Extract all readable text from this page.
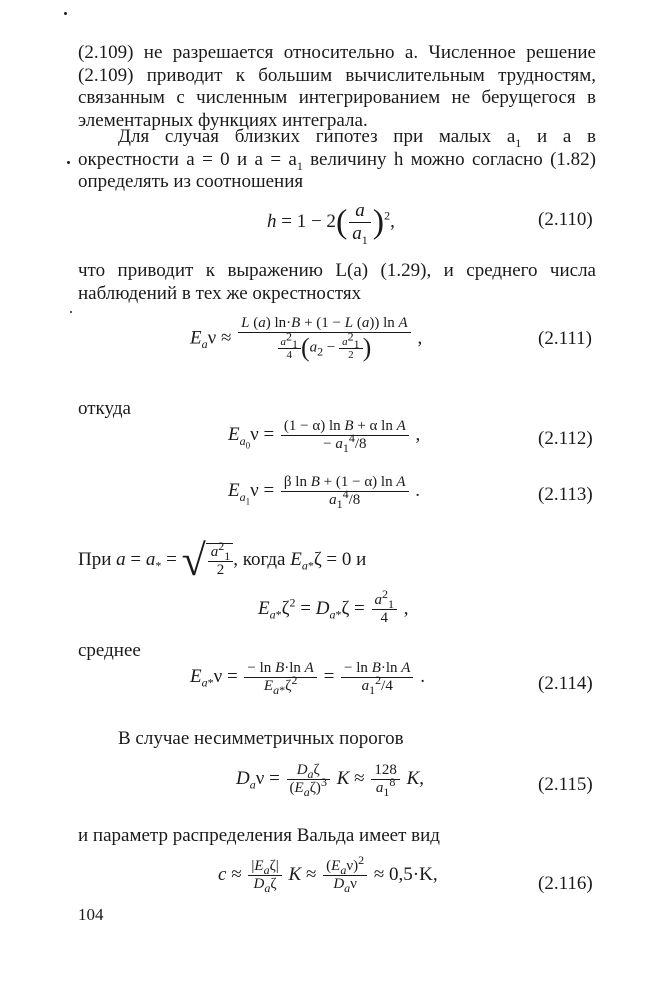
(2.109) не разрешается относительно a. Численное решение (2.109) приводит к большим вычислительным трудностям, связанным с численным интегрированием не берущегося в элементарных функциях интеграла.

Для случая близких гипотез при малых $a_1$ и a в окрестности a = 0 и $a = a_1$ величину h можно согласно (1.82) определять из соотношения

$h = 1 - 2( \frac{a}{a_1} )^2$,	(2.110)

что приводит к выражению L(a) (1.29), и среднего числа наблюдений в тех же окрестностях

$E_a\nu \approx \frac{\text{L (a) ln·B + (1 − L (a)) ln A}}{\frac{a^2_1}{4} (a_2 - \frac{a^2_1}{2} )}$ ,	(2.111)
откуда
$E_{a_0}\nu = \frac{\text{(1 − α) ln B + α ln A}}{- a_1^4/8}$ ,	(2.112)
$E_{a_1}\nu = \frac{\text{β ln B + (1 − α) ln A}}{a_1^4/8}$ .	(2.113)
При $a = a_*$ = √ $\frac{a^2_1}{2}$ , когда $E_{a*}\zeta = 0$ и
$E_{a*}\zeta^2 = D_{a*}\zeta = \frac{a^2_1}{4}$ ,
среднее
$E_{a*}\nu = \frac{\text{− ln B·ln A}}{E_{a*}\zeta^2} = \frac{\text{− ln B·ln A}}{a_1^2/4}$ .	(2.114)
В случае несимметричных порогов
$D_a\nu = \frac{D_a\zeta}{(E_a\zeta)^3}$ $K \approx \frac{128}{a_1^8} K$,	(2.115)
и параметр распределения Вальда имеет вид
$c \approx \frac{|E_a\zeta|}{D_a\zeta}$ $K \approx \frac{(E_a\nu)^2}{D_a\nu} \approx 0,5\cdot K$,	(2.116)
104
